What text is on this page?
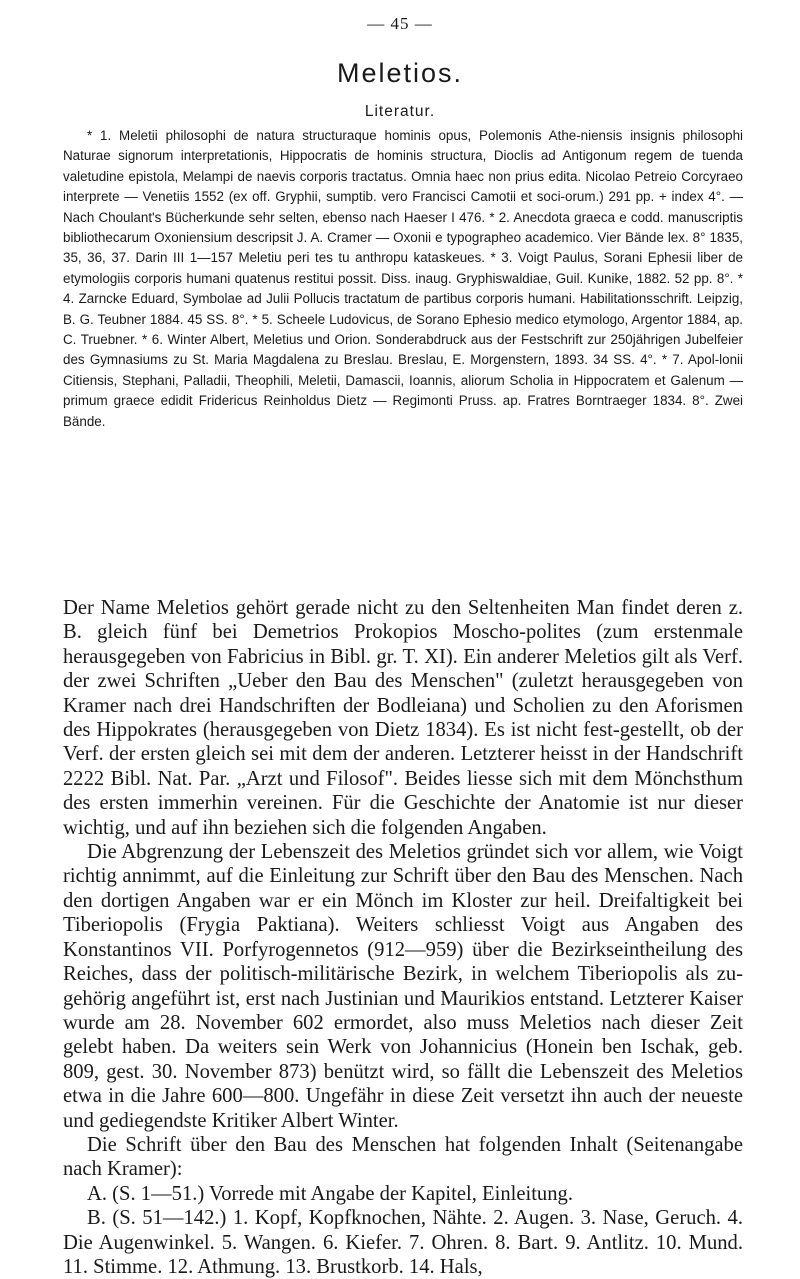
— 45 —
Meletios.
Literatur.

* 1. Meletii philosophi de natura structuraque hominis opus, Polemonis Athe-niensis insignis philosophi Naturae signorum interpretationis, Hippocratis de hominis structura, Dioclis ad Antigonum regem de tuenda valetudine epistola, Melampi de naevis corporis tractatus. Omnia haec non prius edita. Nicolao Petreio Corcyraeo interprete — Venetiis 1552 (ex off. Gryphii, sumptib. vero Francisci Camotii et soci-orum.) 291 pp. + index 4°. — Nach Choulant's Bücherkunde sehr selten, ebenso nach Haeser I 476. * 2. Anecdota graeca e codd. manuscriptis bibliothecarum Oxoniensium descripsit J. A. Cramer — Oxonii e typographeo academico. Vier Bände lex. 8° 1835, 35, 36, 37. Darin III 1—157 Meletiu peri tes tu anthropu kataskeues. * 3. Voigt Paulus, Sorani Ephesii liber de etymologiis corporis humani quatenus restitui possit. Diss. inaug. Gryphiswaldiae, Guil. Kunike, 1882. 52 pp. 8°. * 4. Zarncke Eduard, Symbolae ad Julii Pollucis tractatum de partibus corporis humani. Habilitationsschrift. Leipzig, B. G. Teubner 1884. 45 SS. 8°. * 5. Scheele Ludovicus, de Sorano Ephesio medico etymologo, Argentor 1884, ap. C. Truebner. * 6. Winter Albert, Meletius und Orion. Sonderabdruck aus der Festschrift zur 250jährigen Jubelfeier des Gymnasiums zu St. Maria Magdalena zu Breslau. Breslau, E. Morgenstern, 1893. 34 SS. 4°. * 7. Apol-lonii Citiensis, Stephani, Palladii, Theophili, Meletii, Damascii, Ioannis, aliorum Scholia in Hippocratem et Galenum — primum graece edidit Fridericus Reinholdus Dietz — Regimonti Pruss. ap. Fratres Borntraeger 1834. 8°. Zwei Bände.

Der Name Meletios gehört gerade nicht zu den Seltenheiten Man findet deren z. B. gleich fünf bei Demetrios Prokopios Moscho-polites (zum erstenmale herausgegeben von Fabricius in Bibl. gr. T. XI). Ein anderer Meletios gilt als Verf. der zwei Schriften „Ueber den Bau des Menschen" (zuletzt herausgegeben von Kramer nach drei Handschriften der Bodleiana) und Scholien zu den Aforismen des Hippokrates (herausgegeben von Dietz 1834). Es ist nicht fest-gestellt, ob der Verf. der ersten gleich sei mit dem der anderen. Letzterer heisst in der Handschrift 2222 Bibl. Nat. Par. „Arzt und Filosof". Beides liesse sich mit dem Mönchsthum des ersten immerhin vereinen. Für die Geschichte der Anatomie ist nur dieser wichtig, und auf ihn beziehen sich die folgenden Angaben.

Die Abgrenzung der Lebenszeit des Meletios gründet sich vor allem, wie Voigt richtig annimmt, auf die Einleitung zur Schrift über den Bau des Menschen. Nach den dortigen Angaben war er ein Mönch im Kloster zur heil. Dreifaltigkeit bei Tiberiopolis (Frygia Paktiana). Weiters schliesst Voigt aus Angaben des Konstantinos VII. Porfyrogennetos (912—959) über die Bezirkseintheilung des Reiches, dass der politisch-militärische Bezirk, in welchem Tiberiopolis als zu-gehörig angeführt ist, erst nach Justinian und Maurikios entstand. Letzterer Kaiser wurde am 28. November 602 ermordet, also muss Meletios nach dieser Zeit gelebt haben. Da weiters sein Werk von Johannicius (Honein ben Ischak, geb. 809, gest. 30. November 873) benützt wird, so fällt die Lebenszeit des Meletios etwa in die Jahre 600—800. Ungefähr in diese Zeit versetzt ihn auch der neueste und gediegendste Kritiker Albert Winter.

Die Schrift über den Bau des Menschen hat folgenden Inhalt (Seitenangabe nach Kramer):

A. (S. 1—51.) Vorrede mit Angabe der Kapitel, Einleitung.

B. (S. 51—142.) 1. Kopf, Kopfknochen, Nähte. 2. Augen. 3. Nase, Geruch. 4. Die Augenwinkel. 5. Wangen. 6. Kiefer. 7. Ohren. 8. Bart. 9. Antlitz. 10. Mund. 11. Stimme. 12. Athmung. 13. Brustkorb. 14. Hals,
